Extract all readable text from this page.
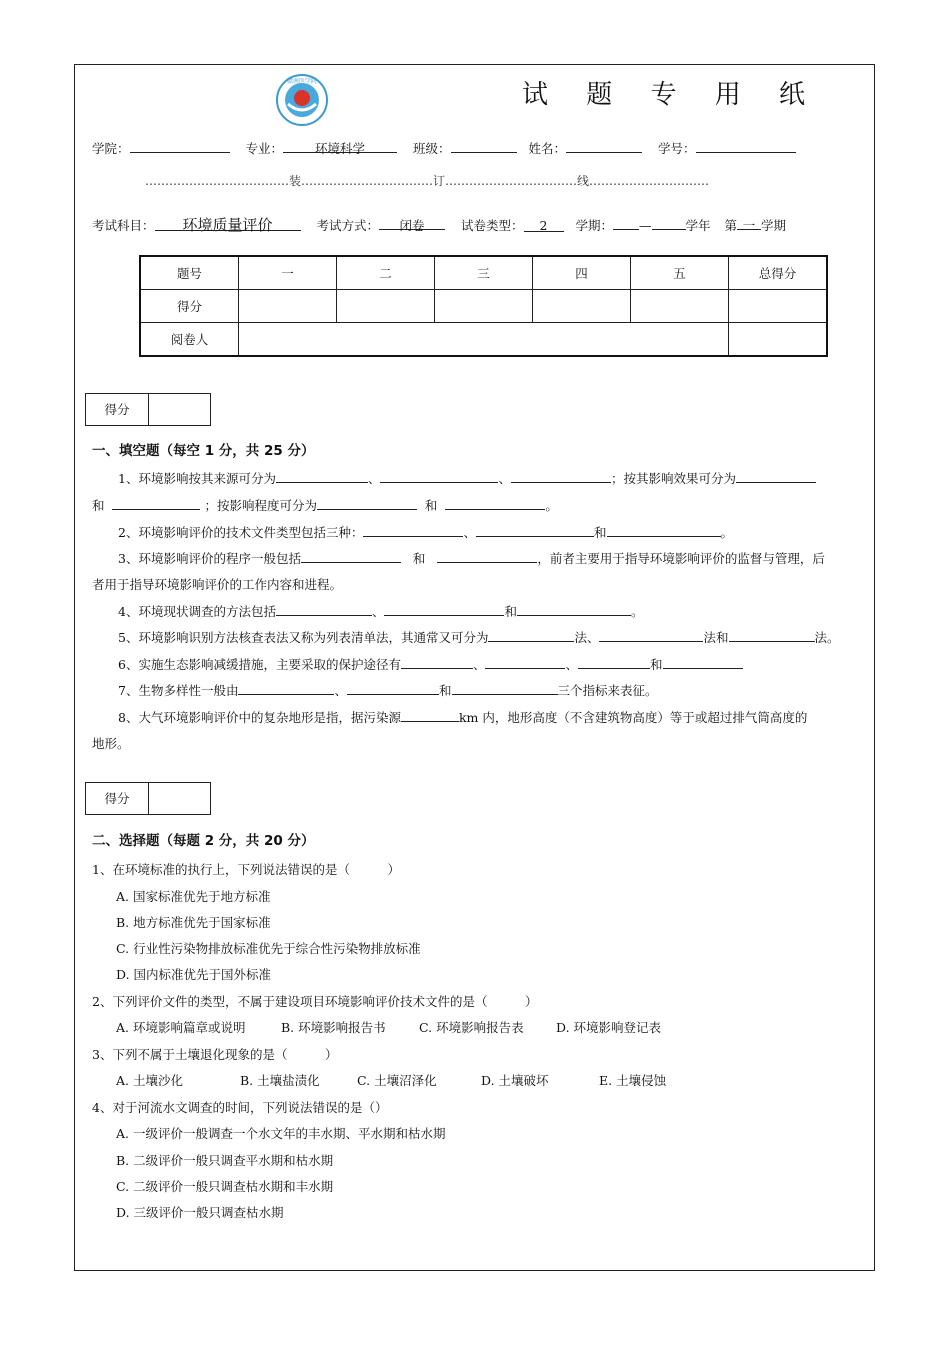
赣南医学院	试 题 专 用 纸
学院：	专业：	环境科学	班级：	姓名：	学号：
………………………………装……………………………订……………………………线…………………………
考试科目： 环境质量评价	考试方式： 闭卷	试卷类型： 2 学期： —	学年 第 一 学期
题号	一	二	三	四	五	总得分
得分						
阅卷人						
得分
一、填空题（每空 1 分，共 25 分）
1、环境影响按其来源可分为	、	、	；按其影响效果可分为
和	；按影响程度可分为	和	。
2、环境影响评价的技术文件类型包括三种：	、	和	。
3、环境影响评价的程序一般包括	和	，前者主要用于指导环境影响评价的监督与管理，后
者用于指导环境影响评价的工作内容和进程。
4、环境现状调查的方法包括	、	和	。
5、环境影响识别方法核查表法又称为列表清单法，其通常又可分为	法、	法和	法。
6、实施生态影响减缓措施，主要采取的保护途径有	、	、	和
7、生物多样性一般由	、	和	三个指标来表征。
8、大气环境影响评价中的复杂地形是指，据污染源	km 内，地形高度（不含建筑物高度）等于或超过排气筒高度的
地形。
得分
二、选择题（每题 2 分，共 20 分）
1、在环境标准的执行上，下列说法错误的是（　　　）
A. 国家标准优先于地方标准
B. 地方标准优先于国家标准
C. 行业性污染物排放标准优先于综合性污染物排放标准
D. 国内标准优先于国外标准
2、下列评价文件的类型，不属于建设项目环境影响评价技术文件的是（　　　）
A. 环境影响篇章或说明	B. 环境影响报告书	C. 环境影响报告表	D. 环境影响登记表
3、下列不属于土壤退化现象的是（　　　）
A. 土壤沙化	B. 土壤盐渍化	C. 土壤沼泽化	D. 土壤破坏	E. 土壤侵蚀
4、对于河流水文调查的时间，下列说法错误的是（）
A. 一级评价一般调查一个水文年的丰水期、平水期和枯水期
B. 二级评价一般只调查平水期和枯水期
C. 二级评价一般只调查枯水期和丰水期
D. 三级评价一般只调查枯水期
